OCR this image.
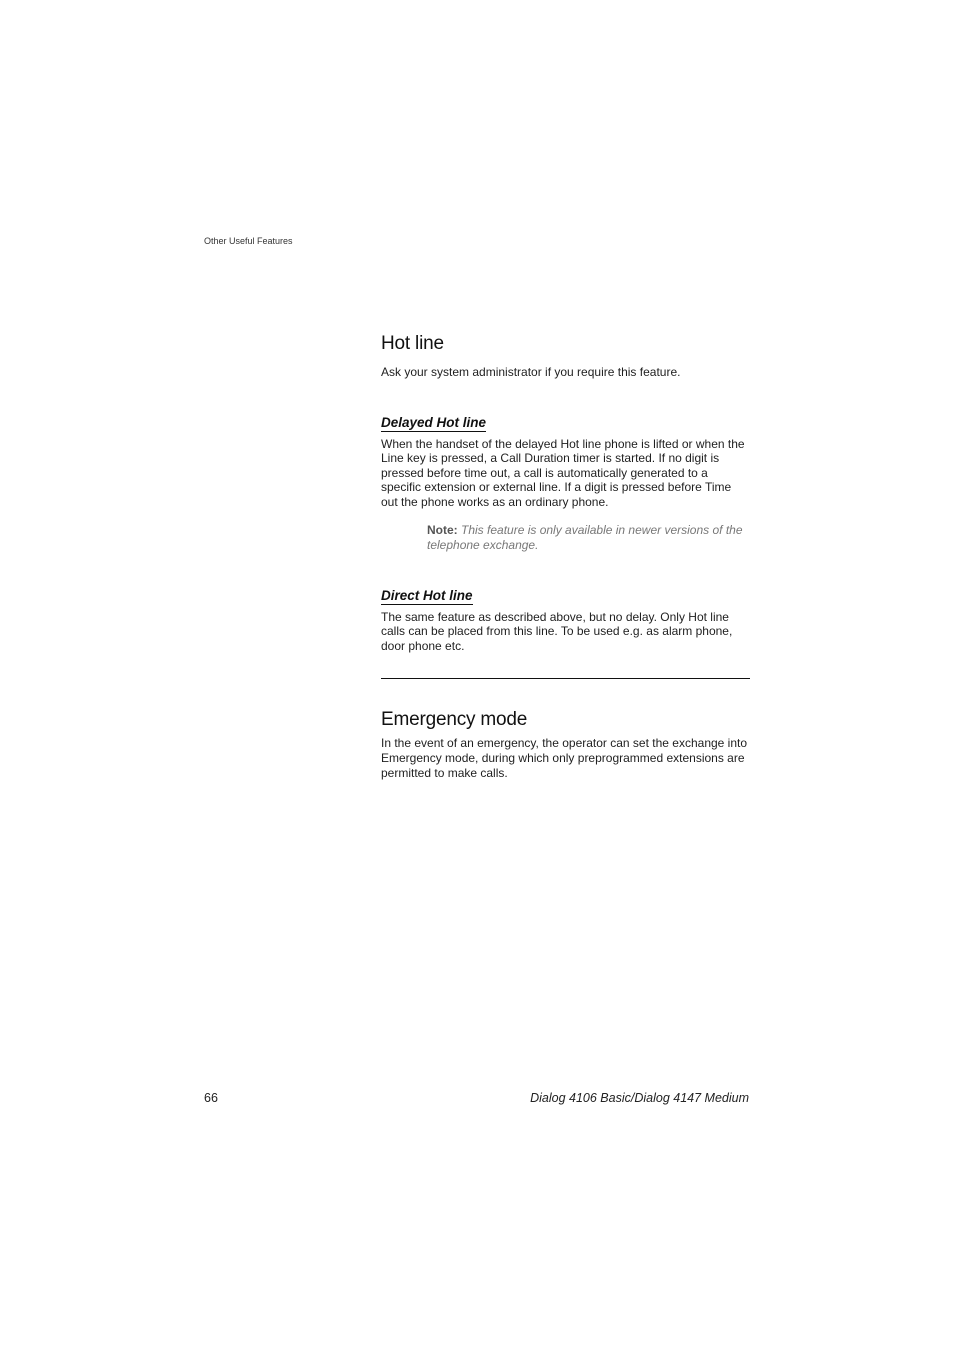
Other Useful Features
Hot line

Ask your system administrator if you require this feature.

Delayed Hot line

When the handset of the delayed Hot line phone is lifted or when the Line key is pressed, a Call Duration timer is started. If no digit is pressed before time out, a call is automatically generated to a specific extension or external line. If a digit is pressed before Time out the phone works as an ordinary phone.

Note: This feature is only available in newer versions of the telephone exchange.
Direct Hot line

The same feature as described above, but no delay. Only Hot line calls can be placed from this line. To be used e.g. as alarm phone, door phone etc.

Emergency mode

In the event of an emergency, the operator can set the exchange into Emergency mode, during which only preprogrammed extensions are permitted to make calls.

66	Dialog 4106 Basic/Dialog 4147 Medium
